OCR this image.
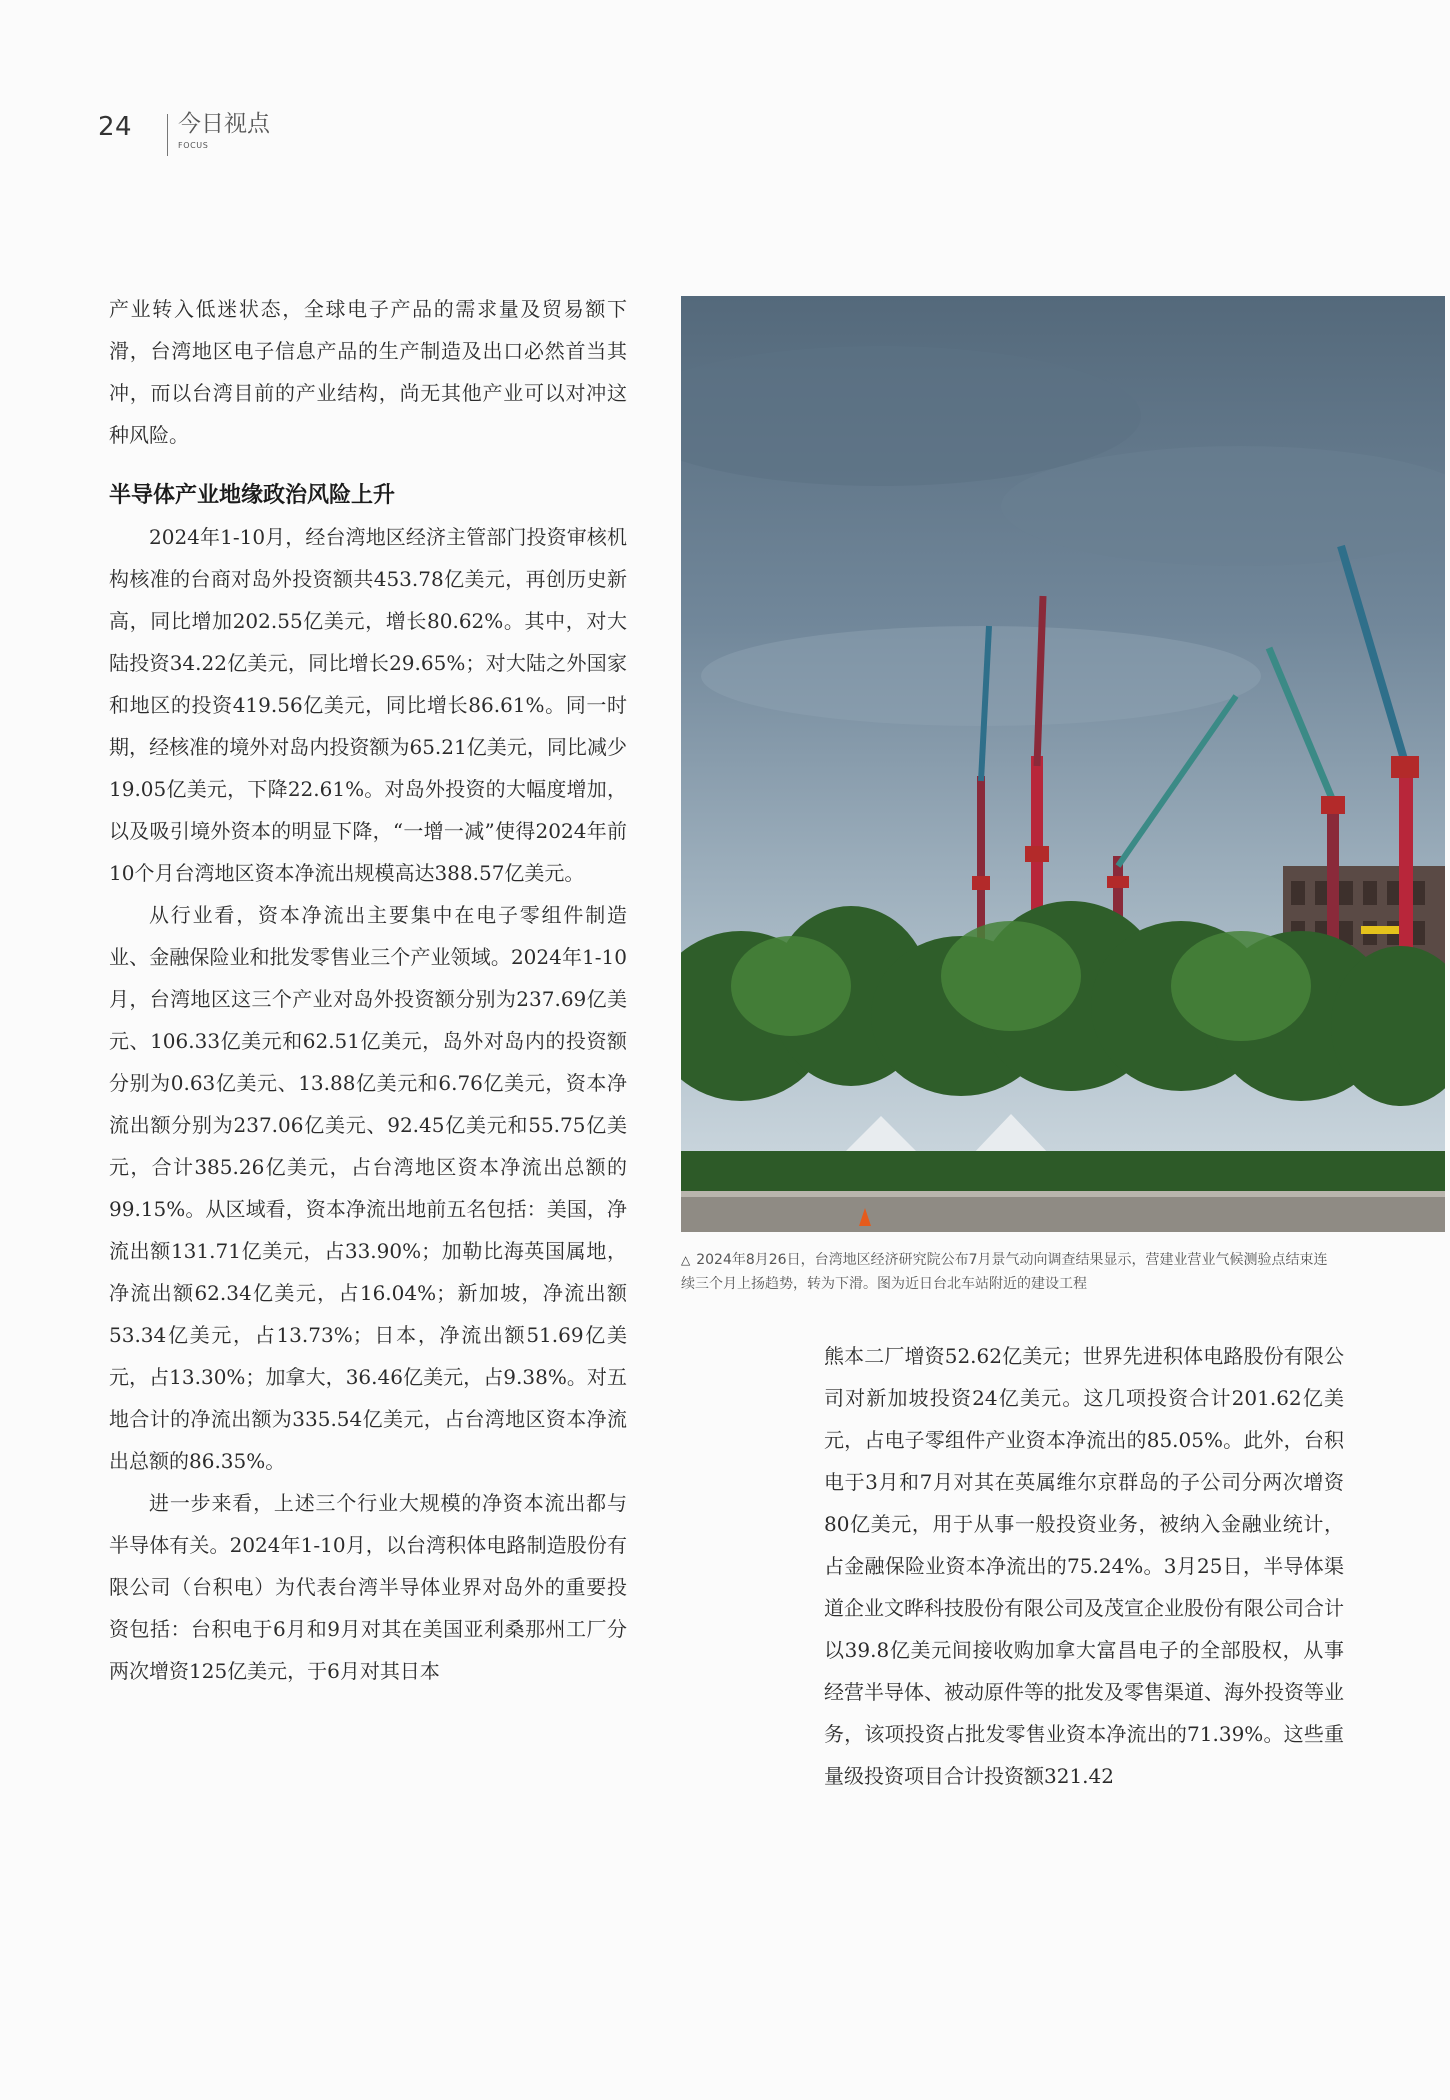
24 今日视点
FOCUS

产业转入低迷状态，全球电子产品的需求量及贸易额下滑，台湾地区电子信息产品的生产制造及出口必然首当其冲，而以台湾目前的产业结构，尚无其他产业可以对冲这种风险。

半导体产业地缘政治风险上升

2024年1-10月，经台湾地区经济主管部门投资审核机构核准的台商对岛外投资额共453.78亿美元，再创历史新高，同比增加202.55亿美元，增长80.62%。其中，对大陆投资34.22亿美元，同比增长29.65%；对大陆之外国家和地区的投资419.56亿美元，同比增长86.61%。同一时期，经核准的境外对岛内投资额为65.21亿美元，同比减少19.05亿美元，下降22.61%。对岛外投资的大幅度增加，以及吸引境外资本的明显下降，“一增一减”使得2024年前10个月台湾地区资本净流出规模高达388.57亿美元。

从行业看，资本净流出主要集中在电子零组件制造业、金融保险业和批发零售业三个产业领域。2024年1-10月，台湾地区这三个产业对岛外投资额分别为237.69亿美元、106.33亿美元和62.51亿美元，岛外对岛内的投资额分别为0.63亿美元、13.88亿美元和6.76亿美元，资本净流出额分别为237.06亿美元、92.45亿美元和55.75亿美元，合计385.26亿美元，占台湾地区资本净流出总额的99.15%。从区域看，资本净流出地前五名包括：美国，净流出额131.71亿美元，占33.90%；加勒比海英国属地，净流出额62.34亿美元，占16.04%；新加坡，净流出额53.34亿美元，占13.73%；日本，净流出额51.69亿美元，占13.30%；加拿大，36.46亿美元，占9.38%。对五地合计的净流出额为335.54亿美元，占台湾地区资本净流出总额的86.35%。

进一步来看，上述三个行业大规模的净资本流出都与半导体有关。2024年1-10月，以台湾积体电路制造股份有限公司（台积电）为代表台湾半导体业界对岛外的重要投资包括：台积电于6月和9月对其在美国亚利桑那州工厂分两次增资125亿美元，于6月对其日本

△ 2024年8月26日，台湾地区经济研究院公布7月景气动向调查结果显示，营建业营业气候测验点结束连续三个月上扬趋势，转为下滑。图为近日台北车站附近的建设工程

熊本二厂增资52.62亿美元；世界先进积体电路股份有限公司对新加坡投资24亿美元。这几项投资合计201.62亿美元，占电子零组件产业资本净流出的85.05%。此外，台积电于3月和7月对其在英属维尔京群岛的子公司分两次增资80亿美元，用于从事一般投资业务，被纳入金融业统计，占金融保险业资本净流出的75.24%。3月25日，半导体渠道企业文晔科技股份有限公司及茂宣企业股份有限公司合计以39.8亿美元间接收购加拿大富昌电子的全部股权，从事经营半导体、被动原件等的批发及零售渠道、海外投资等业务，该项投资占批发零售业资本净流出的71.39%。这些重量级投资项目合计投资额321.42
